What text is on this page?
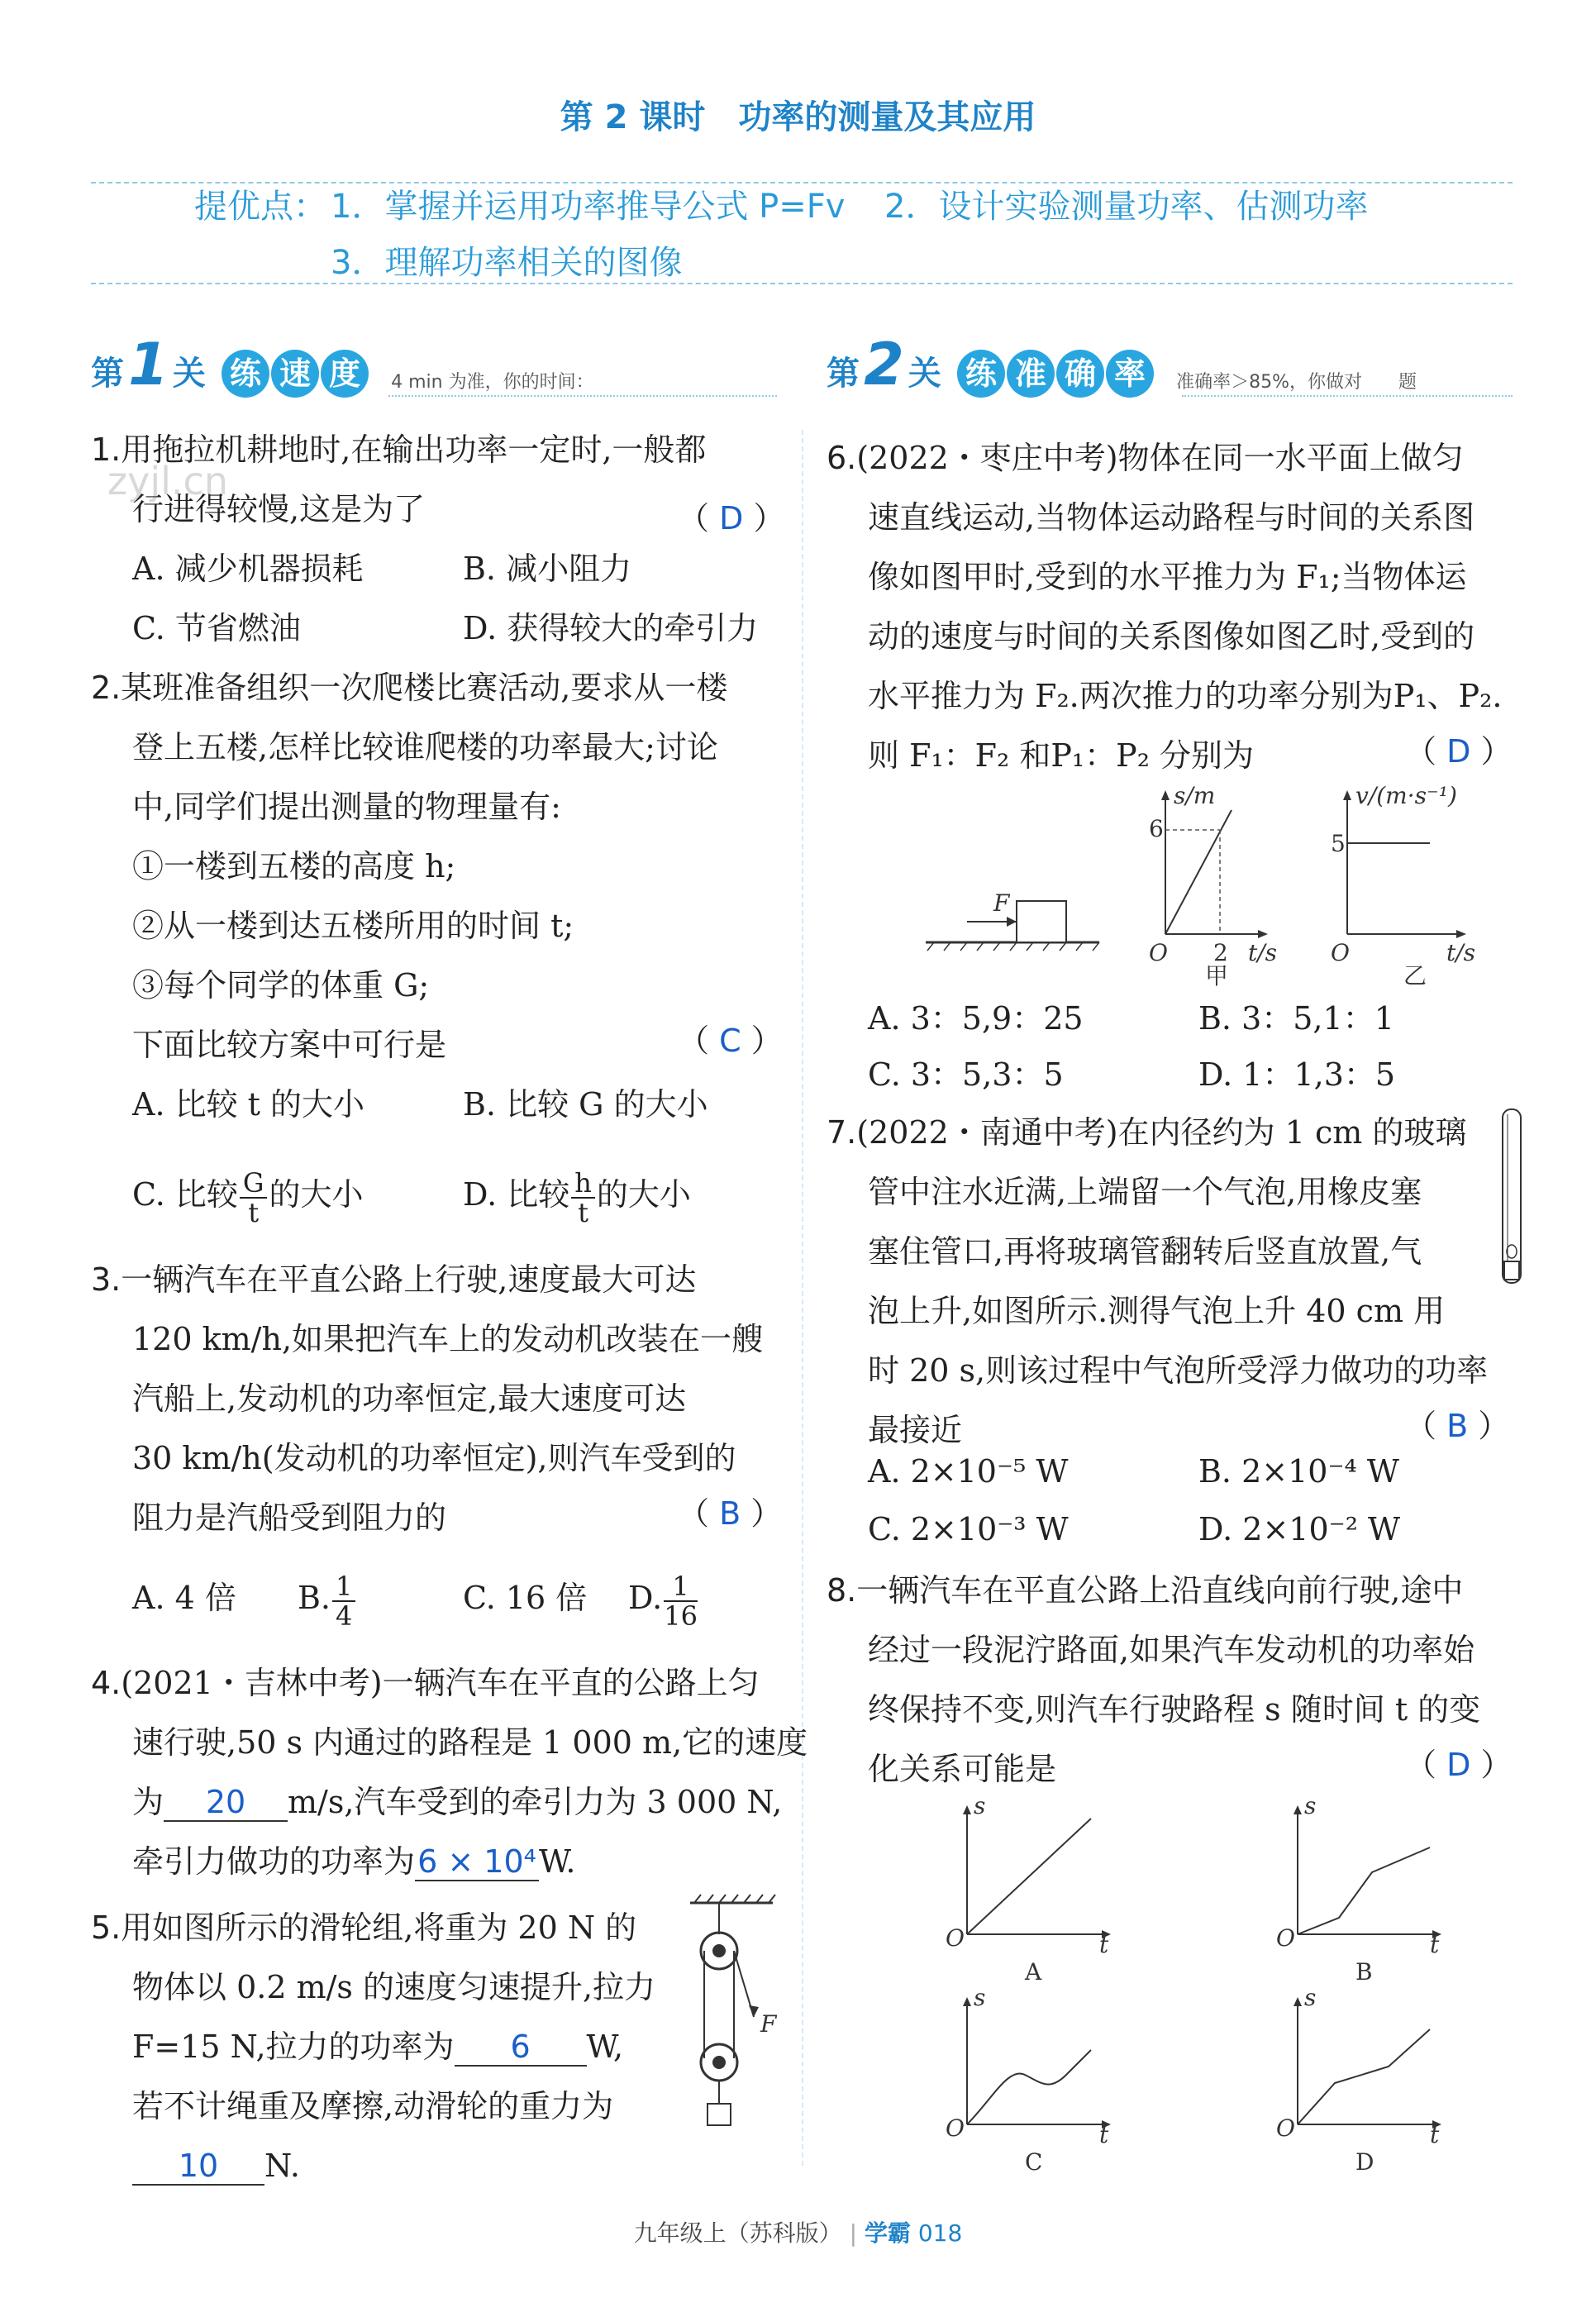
第 2 课时　功率的测量及其应用
提优点： 1．掌握并运用功率推导公式 P=Fv 2．设计实验测量功率、估测功率
3．理解功率相关的图像
第 1 关 练 速 度 4 min 为准，你的时间：	第 2 关 练 准 确 率 准确率＞85%，你做对　　题
zyjl.cn
1.用拖拉机耕地时,在输出功率一定时,一般都
行进得较慢,这是为了	（ D ）
A. 减少机器损耗	B. 减小阻力
C. 节省燃油	D. 获得较大的牵引力
2.某班准备组织一次爬楼比赛活动,要求从一楼
登上五楼,怎样比较谁爬楼的功率最大;讨论
中,同学们提出测量的物理量有:
①一楼到五楼的高度 h;
②从一楼到达五楼所用的时间 t;
③每个同学的体重 G;
下面比较方案中可行是	（ C ）
A. 比较 t 的大小	B. 比较 G 的大小
C. 比较 $\frac{G}{t}$ 的大小	D. 比较 $\frac{h}{t}$ 的大小
3.一辆汽车在平直公路上行驶,速度最大可达
120 km/h,如果把汽车上的发动机改装在一艘
汽船上,发动机的功率恒定,最大速度可达
30 km/h(发动机的功率恒定),则汽车受到的
阻力是汽船受到阻力的	（ B ）
A. 4 倍 B. $\frac{1}{4}$	C. 16 倍 D. $\frac{1}{16}$
4.(2021・吉林中考)一辆汽车在平直的公路上匀
速行驶,50 s 内通过的路程是 1 000 m,它的速度
为 20 m/s,汽车受到的牵引力为 3 000 N,
牵引力做功的功率为6 × 10⁴W.
5.用如图所示的滑轮组,将重为 20 N 的
物体以 0.2 m/s 的速度匀速提升,拉力
F=15 N,拉力的功率为 6 W,
若不计绳重及摩擦,动滑轮的重力为
10 N.
F
6.(2022・枣庄中考)物体在同一水平面上做匀
速直线运动,当物体运动路程与时间的关系图
像如图甲时,受到的水平推力为 F₁;当物体运
动的速度与时间的关系图像如图乙时,受到的
水平推力为 F₂.两次推力的功率分别为P₁、P₂.
则 F₁：F₂ 和P₁：P₂ 分别为	（ D ）
F
s/m
6
2 t/s
O
甲
v/(m·s⁻¹)
5
t/s
O
乙
A. 3：5,9：25	B. 3：5,1：1
C. 3：5,3：5	D. 1：1,3：5
7.(2022・南通中考)在内径约为 1 cm 的玻璃
管中注水近满,上端留一个气泡,用橡皮塞
塞住管口,再将玻璃管翻转后竖直放置,气
泡上升,如图所示.测得气泡上升 40 cm 用
时 20 s,则该过程中气泡所受浮力做功的功率
最接近	（ B ）
A. 2×10⁻⁵ W	B. 2×10⁻⁴ W
C. 2×10⁻³ W	D. 2×10⁻² W
8.一辆汽车在平直公路上沿直线向前行驶,途中
经过一段泥泞路面,如果汽车发动机的功率始
终保持不变,则汽车行驶路程 s 随时间 t 的变
化关系可能是	（ D ）
s
t
O
A
s
t
O
B
s
t
O
C
s
t
O
D
九年级上（苏科版） | 学霸 018
